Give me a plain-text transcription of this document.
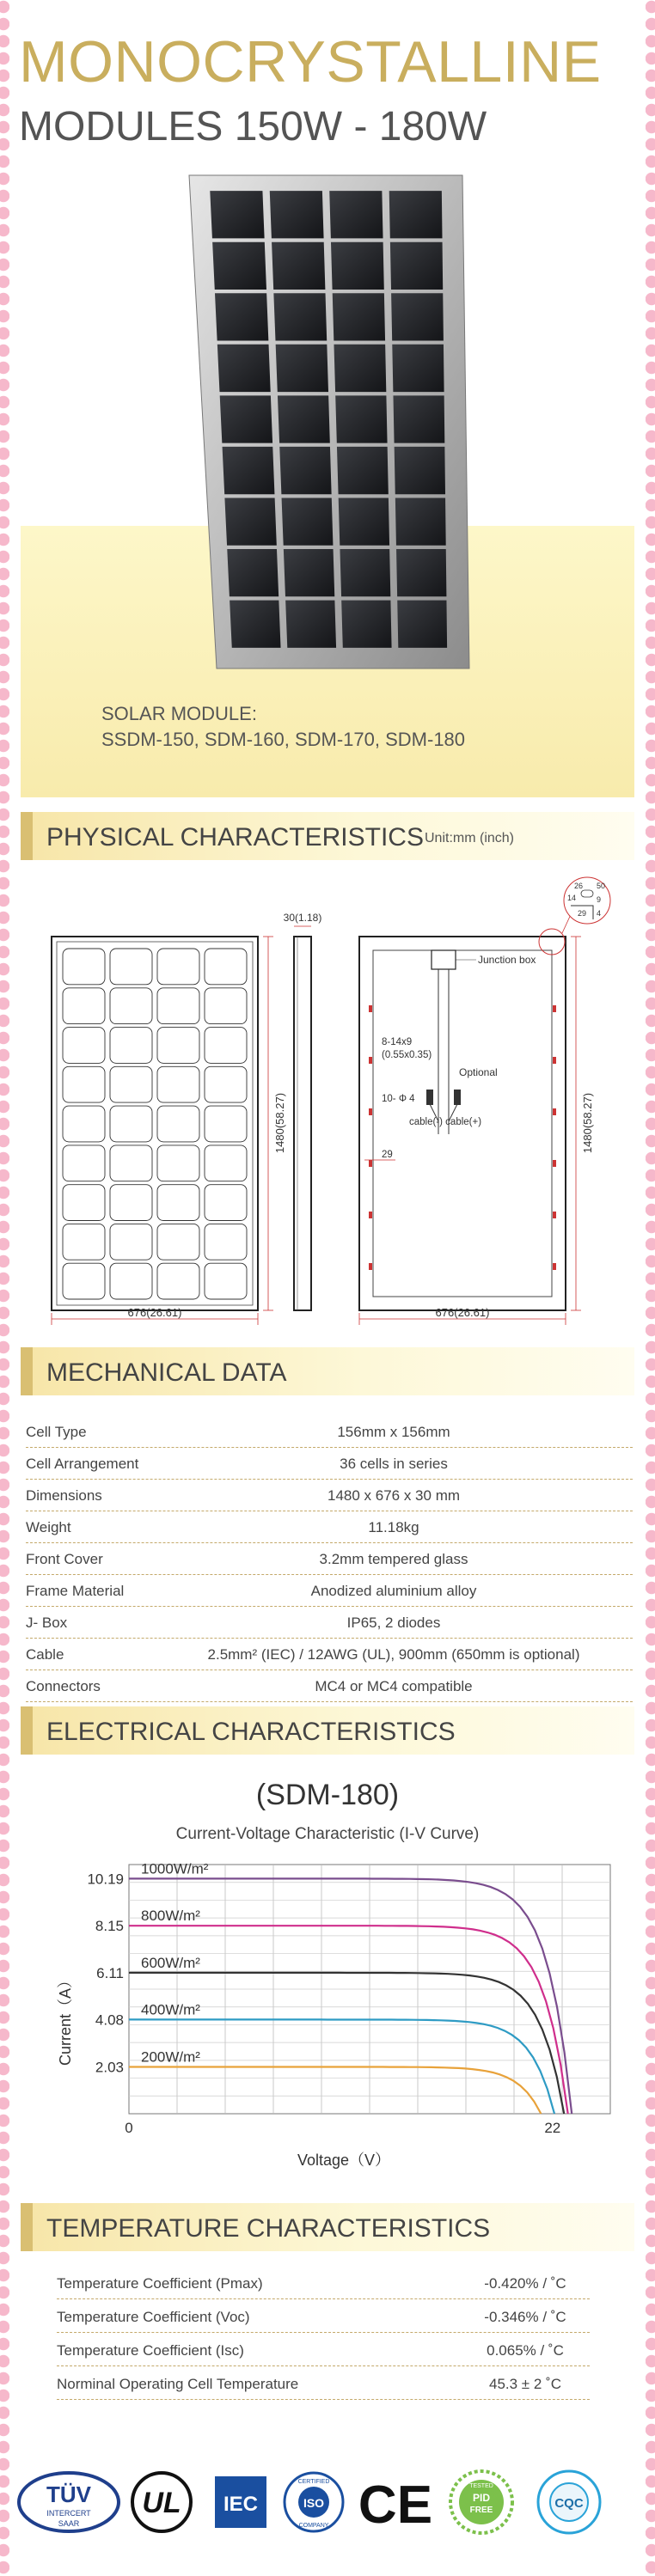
MONOCRYSTALLINE
MODULES 150W - 180W
SOLAR MODULE:
SSDM-150, SDM-160, SDM-170, SDM-180
PHYSICAL CHARACTERISTICS Unit:mm (inch)
1480(58.27)
676(26.61)
30(1.18)
Junction box
Optional
cable(-) cable(+)
8-14x9
(0.55x0.35)
10- Φ 4
29
1480(58.27)
676(26.61)
50
26
14
29
9
4
MECHANICAL DATA
Cell Type	156mm x 156mm
Cell Arrangement	36 cells in series
Dimensions	1480 x 676 x 30 mm
Weight	11.18kg
Front Cover	3.2mm tempered glass
Frame Material	Anodized aluminium alloy
J- Box	IP65, 2 diodes
Cable	2.5mm² (IEC) / 12AWG (UL), 900mm (650mm is optional)
Connectors	MC4 or MC4 compatible
ELECTRICAL CHARACTERISTICS
(SDM-180)
Current-Voltage Characteristic (I-V Curve)
10.19
8.15
6.11
4.08
2.03
0	22
1000W/m²
800W/m²
600W/m²
400W/m²
200W/m²
Current（A）
Voltage（V）
TEMPERATURE CHARACTERISTICS
Temperature Coefficient (Pmax)	-0.420% / ˚C
Temperature Coefficient (Voc)	-0.346% / ˚C
Temperature Coefficient (Isc)	0.065% / ˚C
Norminal Operating Cell Temperature	45.3 ± 2 ˚C
TÜV
INTERCERT
SAAR
UL IEC	ISO
CERTIFIED
COMPANY CE	PID
FREE
TESTED
CQC
